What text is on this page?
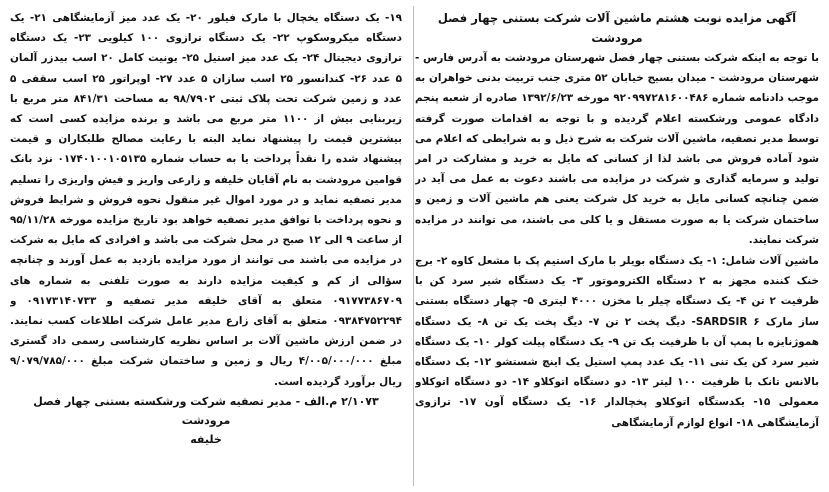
آگهی مزایده نوبت هشتم ماشین آلات شرکت بستنی چهار فصل مرودشت

با توجه به اینکه شرکت بستنی چهار فصل شهرستان مرودشت به آدرس فارس - شهرستان مرودشت - میدان بسیج خیابان ۵۲ متری جنب تربیت بدنی خواهران به موجب دادنامه شماره ۹۲۰۹۹۷۲۸۱۶۰۰۴۸۶ مورخه ۱۳۹۲/۶/۲۳ صادره از شعبه پنجم دادگاه عمومی ورشکسته اعلام گردیده و با توجه به اقدامات صورت گرفته توسط مدیر تصفیه، ماشین آلات شرکت به شرح ذیل و به شرایطی که اعلام می شود آماده فروش می باشد لذا از کسانی که مایل به خرید و مشارکت در امر تولید و سرمایه گذاری و شرکت در مزایده می باشند دعوت به عمل می آید در ضمن چنانچه کسانی مایل به خرید کل شرکت یعنی هم ماشین آلات و زمین و ساختمان شرکت یا به صورت مستقل و یا کلی می باشند، می توانند در مزایده شرکت نمایند.

ماشین آلات شامل: ۱- یک دستگاه بویلر با مارک استیم پک با مشعل کاوه ۲- برج خنک کننده مجهز به ۲ دستگاه الکتروموتور ۳- یک دستگاه شیر سرد کن با ظرفیت ۲ تن ۴- یک دستگاه چیلر با مخزن ۴۰۰۰ لیتری ۵- چهار دستگاه بستنی ساز مارک SARDSIR ۶- دیگ پخت ۲ تن ۷- دیگ پخت یک تن ۸- یک دستگاه هموژنایزه با پمپ آن با ظرفیت یک تن ۹- یک دستگاه پیلت کولر ۱۰- یک دستگاه شیر سرد کن یک تنی ۱۱- یک عدد پمپ استیل یک اینچ شستشو ۱۲- یک دستگاه بالانس تانک با ظرفیت ۱۰۰ لیتر ۱۳- دو دستگاه اتوکلاو ۱۴- دو دستگاه اتوکلاو معمولی ۱۵- یکدستگاه اتوکلاو پخچالدار ۱۶- یک دستگاه آون ۱۷- ترازوی آزمایشگاهی ۱۸- انواع لوازم آزمایشگاهی

۱۹- یک دستگاه یخچال با مارک فیلور ۲۰- یک عدد میز آزمایشگاهی ۲۱- یک دستگاه میکروسکوپ ۲۲- یک دستگاه ترازوی ۱۰۰ کیلویی ۲۳- یک دستگاه ترازوی دیجیتال ۲۴- یک عدد میز استیل ۲۵- یونیت کامل ۲۰ اسب بیدزر آلمان ۵ عدد ۲۶- کندانسور ۲۵ اسب سازان ۵ عدد ۲۷- اوپراتور ۲۵ اسب سقفی ۵ عدد و زمین شرکت تحت پلاک ثبتی ۹۸/۷۹۰۲ به مساحت ۸۴۱/۳۱ متر مربع با زیربنایی بیش از ۱۱۰۰ متر مربع می باشد و برنده مزایده کسی است که بیشترین قیمت را پیشنهاد نماید البته با رعایت مصالح طلبکاران و قیمت پیشنهاد شده را نقداً پرداخت یا به حساب شماره ۰۱۷۴۰۱۰۰۱۰۵۱۳۵ نزد بانک قوامین مرودشت به نام آقایان خلیفه و زارعی واریز و فیش واریزی را تسلیم مدیر تصفیه نماید و در مورد اموال غیر منقول نحوه فروش و شرایط فروش و نحوه پرداخت با توافق مدیر تصفیه خواهد بود تاریخ مزایده مورخه ۹۵/۱۱/۲۸ از ساعت ۹ الی ۱۲ صبح در محل شرکت می باشد و افرادی که مایل به شرکت در مزایده می باشند می توانند از مورد مزایده بازدید به عمل آورند و چنانچه سؤالی از کم و کیفیت مزایده دارند به صورت تلفنی به شماره های ۰۹۱۷۷۳۸۶۷۰۹ متعلق به آقای خلیفه مدیر تصفیه و ۰۹۱۷۳۱۴۰۷۳۳ و ۰۹۳۸۴۷۵۲۲۹۴ متعلق به آقای زارع مدیر عامل شرکت اطلاعات کسب نمایند. در ضمن ارزش ماشین آلات بر اساس نظریه کارشناسی رسمی داد گستری مبلغ ۴/۰۰۵/۰۰۰/۰۰۰ ریال و زمین و ساختمان شرکت مبلغ ۹/۰۷۹/۷۸۵/۰۰۰ ریال برآورد گردیده است.

۲/۱۰۷۳ م.الف - مدیر تصفیه شرکت ورشکسته بستنی چهار فصل مرودشت
خلیفه
